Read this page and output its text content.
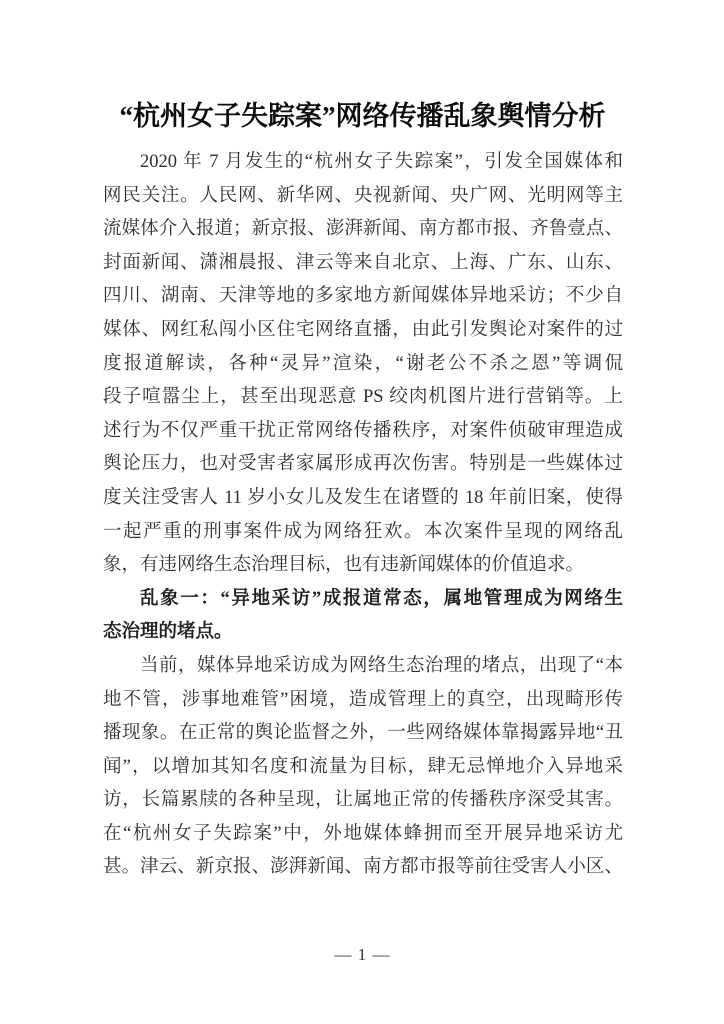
“杭州女子失踪案”网络传播乱象舆情分析
2020 年 7 月发生的“杭州女子失踪案”，引发全国媒体和
网民关注。人民网、新华网、央视新闻、央广网、光明网等主
流媒体介入报道；新京报、澎湃新闻、南方都市报、齐鲁壹点、
封面新闻、潇湘晨报、津云等来自北京、上海、广东、山东、
四川、湖南、天津等地的多家地方新闻媒体异地采访；不少自
媒体、网红私闯小区住宅网络直播，由此引发舆论对案件的过
度报道解读，各种“灵异”渲染，“谢老公不杀之恩”等调侃
段子喧嚣尘上，甚至出现恶意 PS 绞肉机图片进行营销等。上
述行为不仅严重干扰正常网络传播秩序，对案件侦破审理造成
舆论压力，也对受害者家属形成再次伤害。特别是一些媒体过
度关注受害人 11 岁小女儿及发生在诸暨的 18 年前旧案，使得
一起严重的刑事案件成为网络狂欢。本次案件呈现的网络乱
象，有违网络生态治理目标，也有违新闻媒体的价值追求。
乱象一：“异地采访”成报道常态，属地管理成为网络生
态治理的堵点。
当前，媒体异地采访成为网络生态治理的堵点，出现了“本
地不管，涉事地难管”困境，造成管理上的真空，出现畸形传
播现象。在正常的舆论监督之外，一些网络媒体靠揭露异地“丑
闻”，以增加其知名度和流量为目标，肆无忌惮地介入异地采
访，长篇累牍的各种呈现，让属地正常的传播秩序深受其害。
在“杭州女子失踪案”中，外地媒体蜂拥而至开展异地采访尤
甚。津云、新京报、澎湃新闻、南方都市报等前往受害人小区、
— 1 —
